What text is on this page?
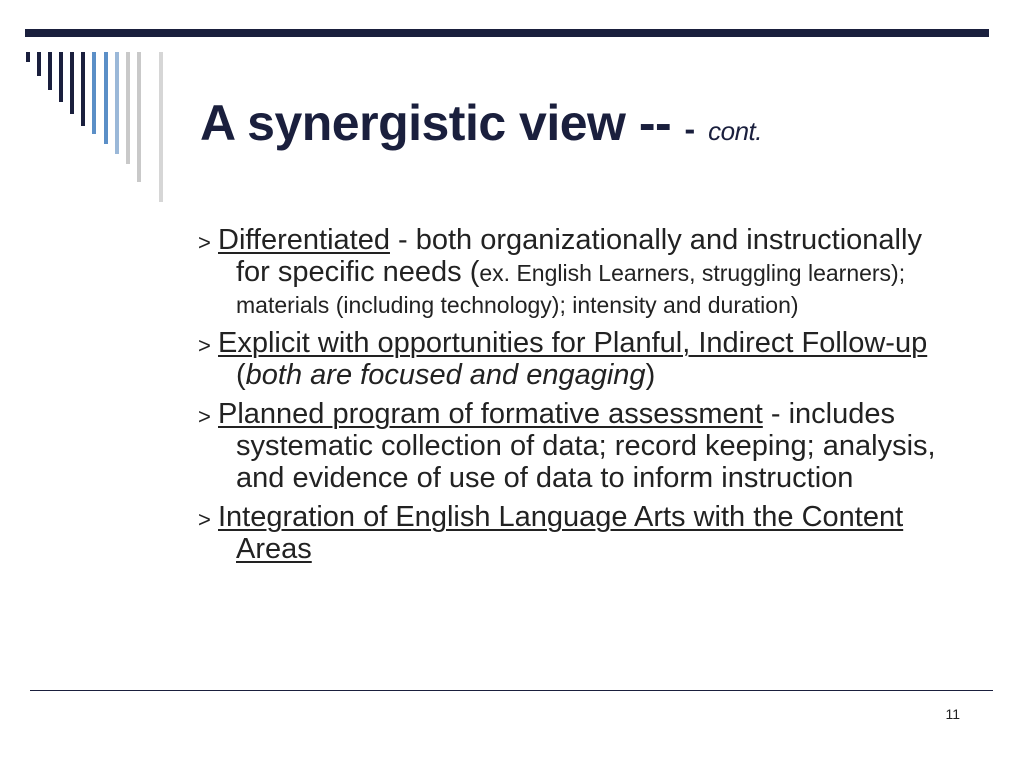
A synergistic view -- - cont.
> Differentiated - both organizationally and instructionally for specific needs (ex. English Learners, struggling learners); materials (including technology); intensity and duration)
> Explicit with opportunities for Planful, Indirect Follow-up (both are focused and engaging)
> Planned program of formative assessment - includes systematic collection of data; record keeping; analysis, and evidence of use of data to inform instruction
> Integration of English Language Arts with the Content Areas
11
